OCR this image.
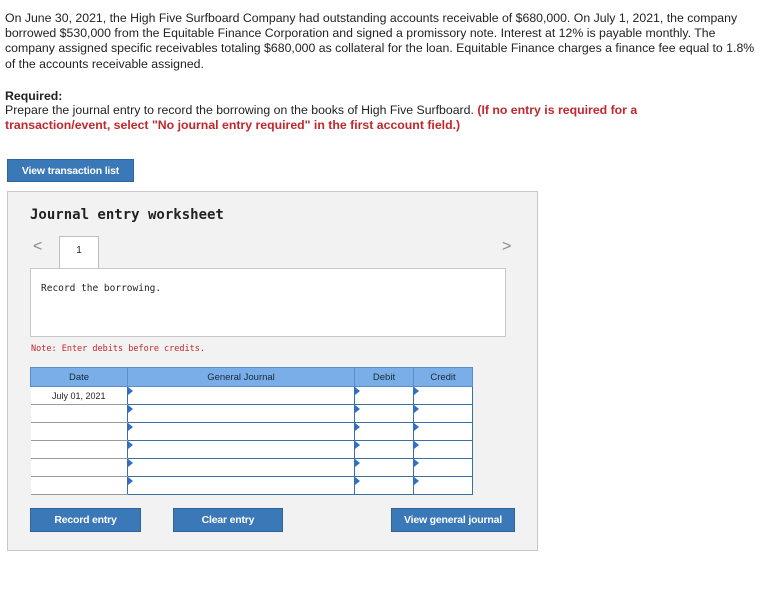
On June 30, 2021, the High Five Surfboard Company had outstanding accounts receivable of $680,000. On July 1, 2021, the company borrowed $530,000 from the Equitable Finance Corporation and signed a promissory note. Interest at 12% is payable monthly. The company assigned specific receivables totaling $680,000 as collateral for the loan. Equitable Finance charges a finance fee equal to 1.8% of the accounts receivable assigned.
Required:
Prepare the journal entry to record the borrowing on the books of High Five Surfboard. (If no entry is required for a transaction/event, select "No journal entry required" in the first account field.)
View transaction list
Journal entry worksheet
<	1	>
Record the borrowing.
Note: Enter debits before credits.
Date	General Journal	Debit	Credit
July 01, 2021			

Record entry	Clear entry	View general journal
